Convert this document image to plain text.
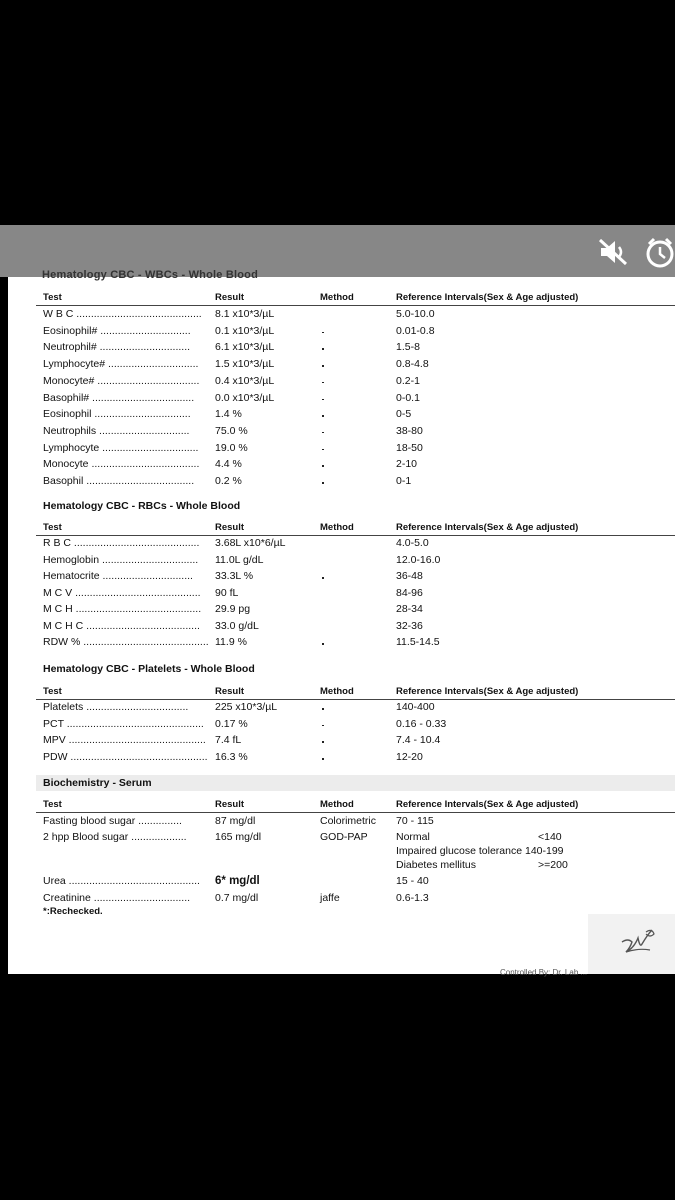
Hematology CBC - WBCs - Whole Blood
Test	Result	Method	Reference Intervals(Sex & Age adjusted)
W B C ...........................................	8.1 x10*3/µL	5.0-10.0
Eosinophil# ...............................	0.1 x10*3/µL	0.01-0.8
Neutrophil# ...............................	6.1 x10*3/µL	1.5-8
Lymphocyte# ...............................	1.5 x10*3/µL	0.8-4.8
Monocyte# ...................................	0.4 x10*3/µL	0.2-1
Basophil# ...................................	0.0 x10*3/µL	0-0.1
Eosinophil .................................	1.4 %	0-5
Neutrophils ...............................	75.0 %	38-80
Lymphocyte .................................	19.0 %	18-50
Monocyte .....................................	4.4 %	2-10
Basophil .....................................	0.2 %	0-1
Hematology CBC - RBCs - Whole Blood
Test	Result	Method	Reference Intervals(Sex & Age adjusted)
R B C ...........................................	3.68L x10*6/µL	4.0-5.0
Hemoglobin .................................	11.0L g/dL	12.0-16.0
Hematocrite ...............................	33.3L %	36-48
M C V ...........................................	90 fL	84-96
M C H ...........................................	29.9 pg	28-34
M C H C .......................................	33.0 g/dL	32-36
RDW % ........................................... 11.9 %	11.5-14.5
Hematology CBC - Platelets - Whole Blood
Test	Result	Method	Reference Intervals(Sex & Age adjusted)
Platelets ...................................	225 x10*3/µL	140-400
PCT ...............................................	0.17 %	0.16 - 0.33
MPV ............................................... 7.4 fL	7.4 - 10.4
PDW ............................................... 16.3 %	12-20
Biochemistry - Serum
Test	Result	Method	Reference Intervals(Sex & Age adjusted)
Fasting blood sugar ...............	87 mg/dl	Colorimetric 70 - 115
2 hpp Blood sugar ...................	165 mg/dl	GOD-PAP	Normal	<140
Impaired glucose tolerance 140-199
Diabetes mellitus	>=200
Urea .............................................	6* mg/dl	15 - 40
Creatinine .................................	0.7 mg/dl	jaffe	0.6-1.3
*:Rechecked.
Controlled By: Dr. Lab ...
